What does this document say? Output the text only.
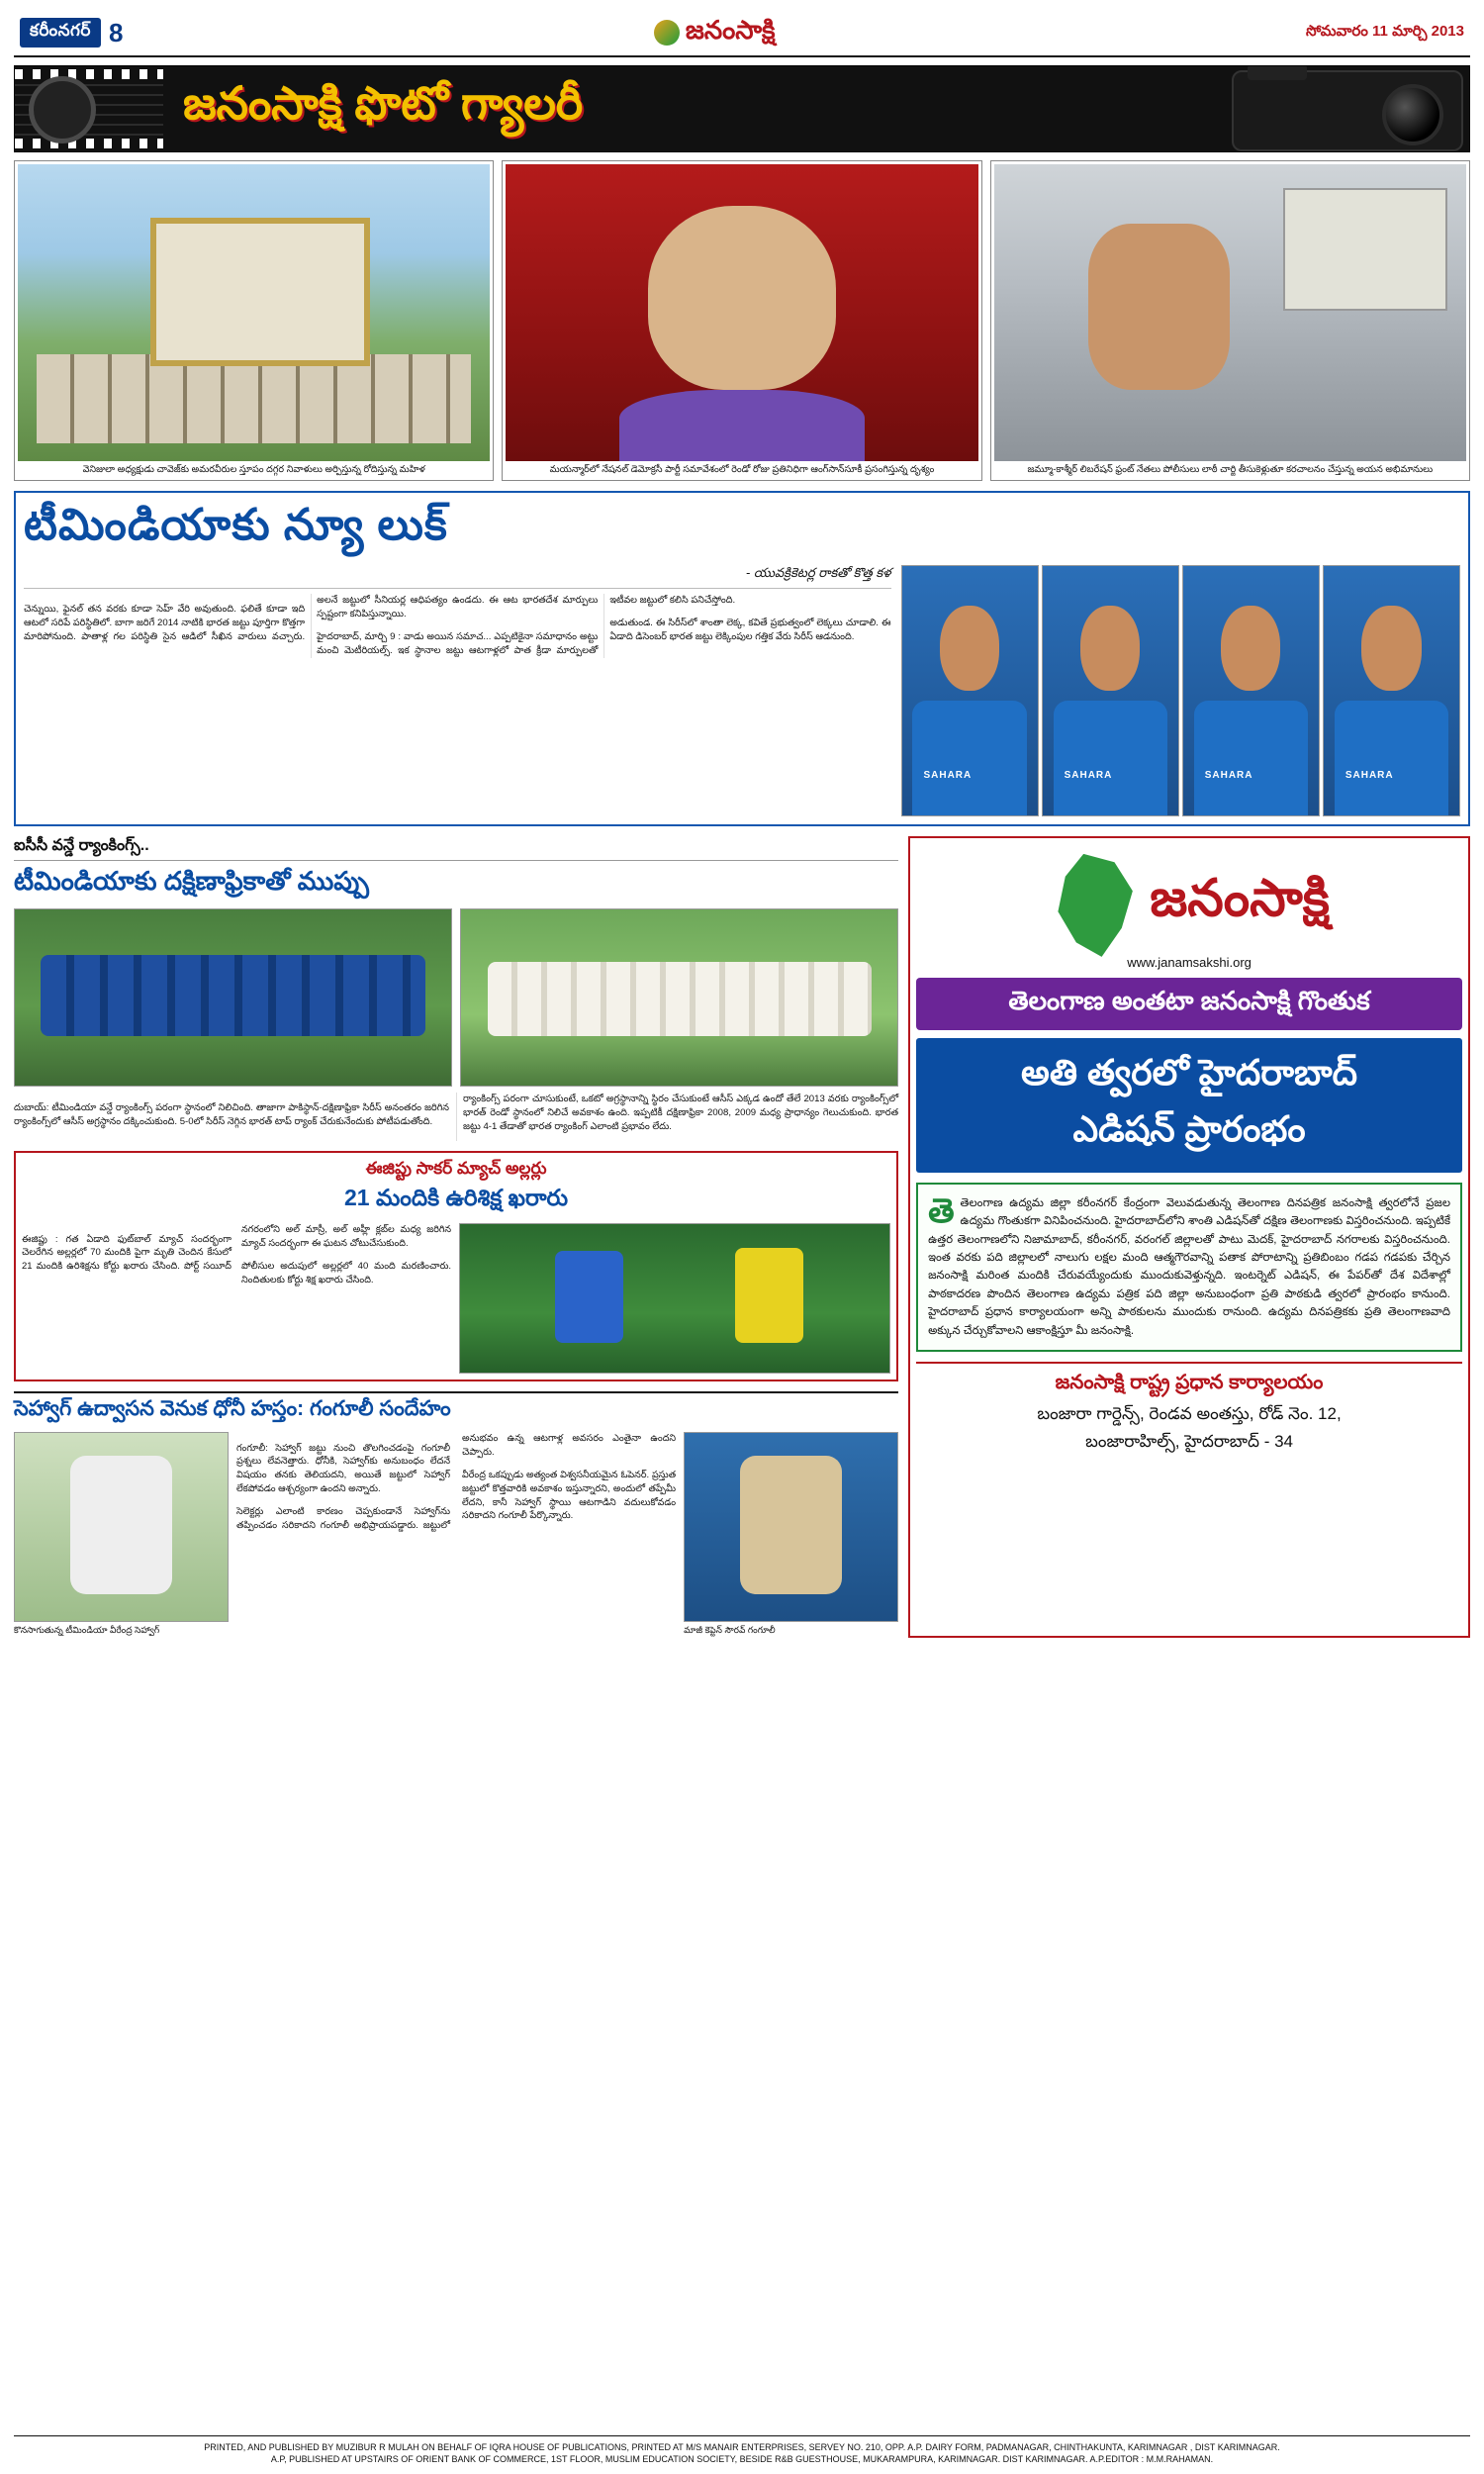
కరీంనగర్ 8	జనంసాక్షి	సోమవారం 11 మార్చి 2013
జనంసాక్షి ఫొటో గ్యాలరీ
వెనిజులా అధ్యక్షుడు చావెజ్‌కు అమరవీరుల స్తూపం దగ్గర నివాళులు అర్పిస్తున్న రోదిస్తున్న మహిళ	మయన్మార్‌లో నేషనల్ డెమోక్రసీ పార్టీ సమావేశంలో రెండో రోజు ప్రతినిధిగా ఆంగ్‌సాన్‌సూకీ ప్రసంగిస్తున్న దృశ్యం	జమ్మూ-కాశ్మీర్ లిబరేషన్ ఫ్రంట్ నేతలు పోలీసులు లాఠీ చార్జి తీసుకెళ్లుతూ కరచాలనం చేస్తున్న అయన అభిమానులు
టీమిండియాకు న్యూ లుక్
- యువక్రికెటర్ల రాకతో కొత్త కళ

చెన్నుయి, ఫైనల్ తన వరకు కూడా సెహ్ వేరి అవుతుంది. ఫలితే కూడా ఇది ఆటలో సరిపే పరిస్థితిలో. బాగా జరిగే 2014 నాటికి భారత జట్టు పూర్తిగా కొత్తగా మారిపోనుంది. పాతాళ్ల గల పరిస్థితి సైన ఆడిలో సీఖిన వారులు వచ్చారు. అలనే జట్టులో సీనియర్ల ఆధిపత్యం ఉండదు. ఈ ఆట భారతదేశ మార్పులు స్పష్టంగా కనిపిస్తున్నాయి.

హైదరాబాద్, మార్చి 9 : వాడు అయిన సమాచ... ఎప్పటికైనా సమాధానం అట్టు మంచి మెటీరియల్స్. ఇక స్థానాల జట్టు ఆటగాళ్లలో పాత క్రీడా మార్పులతో ఇటీవల జట్టులో కలిసి పనిచేస్తోంది.

అడుతుండ. ఈ సిరీస్‌లో శాంతా లెక్క, కవితే ప్రభుత్వంలో లెక్కలు చూడాలి. ఈ ఏడాది డిసెంబర్ భారత జట్టు లెక్కింపుల గత్తిక వేరు సిరీస్ ఆడనుంది.

SAHARA	SAHARA	SAHARA	SAHARA
ఐసీసీ వన్డే ర్యాంకింగ్స్..
టీమిండియాకు దక్షిణాఫ్రికాతో ముప్పు

దుబాయ్: టీమిండియా వన్డే ర్యాంకింగ్స్ పరంగా స్థానంలో నిలిచింది. తాజాగా పాకిస్థాన్-దక్షిణాఫ్రికా సిరీస్ అనంతరం జరిగిన ర్యాంకింగ్స్‌లో ఆసీస్ అగ్రస్థానం దక్కించుకుంది. 5-0లో సిరీస్ నెగ్గిన భారత్ టాప్ ర్యాంక్ చేరుకునేందుకు పోటీపడుతోంది.

ర్యాంకింగ్స్ పరంగా చూసుకుంటే, ఒకటో అగ్రస్థానాన్ని స్థిరం చేసుకుంటే ఆసీస్ ఎక్కడ ఉందో తేలే 2013 వరకు ర్యాంకింగ్స్‌లో భారత్ రెండో స్థానంలో నిలిచే అవకాశం ఉంది. ఇప్పటికీ దక్షిణాఫ్రికా 2008, 2009 మధ్య ప్రాధాన్యం గెలుచుకుంది. భారత జట్టు 4-1 తేడాతో భారత ర్యాంకింగ్ ఎలాంటి ప్రభావం లేదు.

ఈజిప్టు సాకర్ మ్యాచ్ అల్లర్లు
21 మందికి ఉరిశిక్ష ఖరారు

ఈజిప్టు : గత ఏడాది ఫుట్‌బాల్ మ్యాచ్ సందర్భంగా చెలరేగిన అల్లర్లలో 70 మందికి పైగా మృతి చెందిన కేసులో 21 మందికి ఉరిశిక్షను కోర్టు ఖరారు చేసింది. పోర్ట్ సయీద్ నగరంలోని అల్ మాస్రీ, అల్ అహ్లీ క్లబ్‌ల మధ్య జరిగిన మ్యాచ్ సందర్భంగా ఈ ఘటన చోటుచేసుకుంది.

పోలీసుల అదుపులో అల్లర్లలో 40 మంది మరణించారు. నిందితులకు కోర్టు శిక్ష ఖరారు చేసింది.

సెహ్వాగ్ ఉద్వాసన వెనుక ధోనీ హస్తం: గంగూలీ సందేహం
కొనసాగుతున్న టీమిండియా వీరేంద్ర సెహ్వాగ్

గంగూలీ: సెహ్వాగ్ జట్టు నుంచి తొలగించడంపై గంగూలీ ప్రశ్నలు లేవనెత్తారు. ధోనీకి, సెహ్వాగ్‌కు అనుబంధం లేదనే విషయం తనకు తెలియదని, అయితే జట్టులో సెహ్వాగ్ లేకపోవడం ఆశ్చర్యంగా ఉందని అన్నారు.

సెలెక్టర్లు ఎలాంటి కారణం చెప్పకుండానే సెహ్వాగ్‌ను తప్పించడం సరికాదని గంగూలీ అభిప్రాయపడ్డారు. జట్టులో అనుభవం ఉన్న ఆటగాళ్ల అవసరం ఎంతైనా ఉందని చెప్పారు.

వీరేంద్ర ఒకప్పుడు అత్యంత విశ్వసనీయమైన ఓపెనర్. ప్రస్తుత జట్టులో కొత్తవారికి అవకాశం ఇస్తున్నారని, అందులో తప్పేమీ లేదని, కానీ సెహ్వాగ్ స్థాయి ఆటగాడిని వదులుకోవడం సరికాదని గంగూలీ పేర్కొన్నారు.

మాజీ కెప్టెన్ సౌరవ్ గంగూలీ
జనంసాక్షి
www.janamsakshi.org
తెలంగాణ అంతటా జనంసాక్షి గొంతుక
అతి త్వరలో హైదరాబాద్
ఎడిషన్ ప్రారంభం
తె తెలంగాణ ఉద్యమ జిల్లా కరీంనగర్ కేంద్రంగా వెలువడుతున్న తెలంగాణ దినపత్రిక జనంసాక్షి త్వరలోనే ప్రజల ఉద్యమ గొంతుకగా వినిపించనుంది. హైదరాబాద్‌లోని శాంతి ఎడిషన్‌తో దక్షిణ తెలంగాణకు విస్తరించనుంది. ఇప్పటికే ఉత్తర తెలంగాణలోని నిజామాబాద్, కరీంనగర్, వరంగల్ జిల్లాలతో పాటు మెదక్, హైదరాబాద్ నగరాలకు విస్తరించనుంది. ఇంత వరకు పది జిల్లాలలో నాలుగు లక్షల మంది ఆత్మగౌరవాన్ని పతాక పోరాటాన్ని ప్రతిబింబం గడప గడపకు చేర్చిన జనంసాక్షి మరింత మందికి చేరువయ్యేందుకు ముందుకువెళ్తున్నది. ఇంటర్నెట్ ఎడిషన్, ఈ పేపర్‌తో దేశ విదేశాల్లో పాఠకాదరణ పొందిన తెలంగాణ ఉద్యమ పత్రిక పది జిల్లా అనుబంధంగా ప్రతి పాఠకుడి త్వరలో ప్రారంభం కానుంది. హైదరాబాద్ ప్రధాన కార్యాలయంగా అన్ని పాఠకులను ముందుకు రానుంది. ఉద్యమ దినపత్రికకు ప్రతి తెలంగాణవాది అక్కున చేర్చుకోవాలని ఆకాంక్షిస్తూ మీ జనంసాక్షి.
జనంసాక్షి రాష్ట్ర ప్రధాన కార్యాలయం
బంజారా గార్డెన్స్, రెండవ అంతస్తు, రోడ్ నెం. 12,
బంజారాహిల్స్, హైదరాబాద్ - 34
PRINTED, AND PUBLISHED BY MUZIBUR R MULAH ON BEHALF OF IQRA HOUSE OF PUBLICATIONS, PRINTED AT M/S MANAIR ENTERPRISES, SERVEY NO. 210, OPP. A.P. DAIRY FORM, PADMANAGAR, CHINTHAKUNTA, KARIMNAGAR , DIST KARIMNAGAR.
A.P, PUBLISHED AT UPSTAIRS OF ORIENT BANK OF COMMERCE, 1ST FLOOR, MUSLIM EDUCATION SOCIETY, BESIDE R&B GUESTHOUSE, MUKARAMPURA, KARIMNAGAR. DIST KARIMNAGAR. A.P.EDITOR : M.M.RAHAMAN.
